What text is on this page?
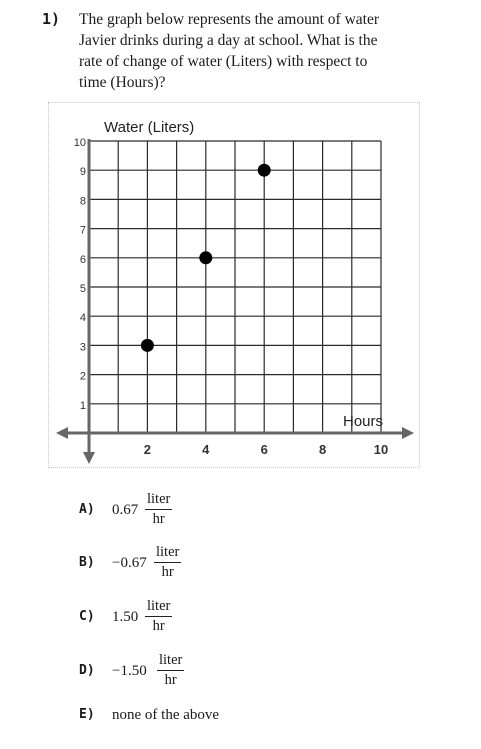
1) The graph below represents the amount of water
Javier drinks during a day at school. What is the
rate of change of water (Liters) with respect to
time (Hours)?
2	4	6	8	10
1
2
3
4
5
6
7
8
9
10
Water (Liters)
Hours
A) 0.67
liter
hr
B) −0.67
liter
hr
C) 1.50
liter
hr
D) −1.50
liter
hr
E) none of the above
